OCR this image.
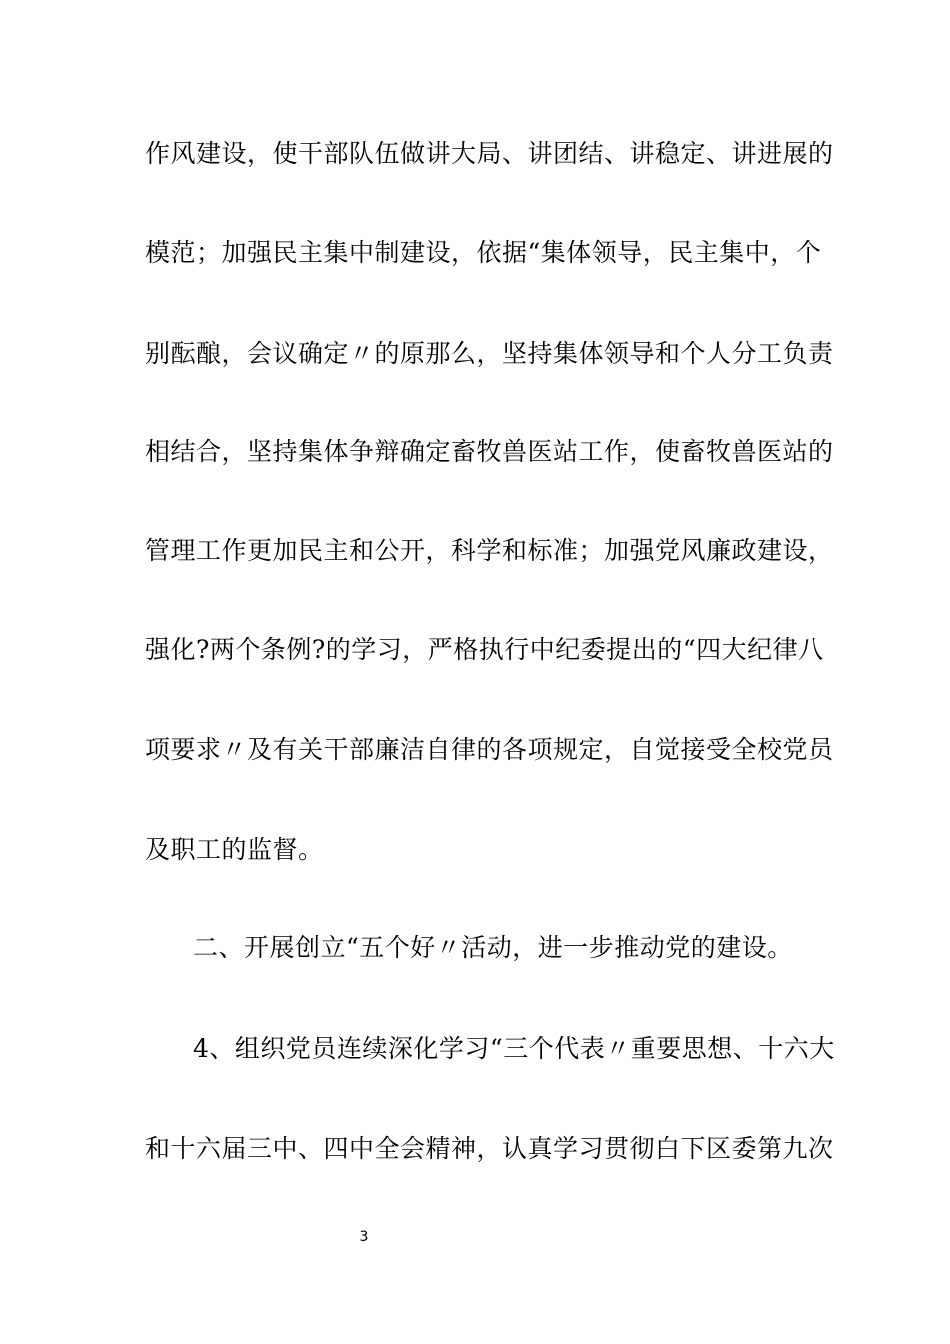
作风建设，使干部队伍做讲大局、讲团结、讲稳定、讲进展的
模范；加强民主集中制建设，依据“集体领导，民主集中，个
别酝酿，会议确定〃的原那么，坚持集体领导和个人分工负责
相结合，坚持集体争辩确定畜牧兽医站工作，使畜牧兽医站的
管理工作更加民主和公开，科学和标准；加强党风廉政建设，
强化?两个条例?的学习，严格执行中纪委提出的“四大纪律八
项要求〃及有关干部廉洁自律的各项规定，自觉接受全校党员
及职工的监督。
二、开展创立“五个好〃活动，进一步推动党的建设。
4、组织党员连续深化学习“三个代表〃重要思想、十六大
和十六届三中、四中全会精神，认真学习贯彻白下区委第九次
3
